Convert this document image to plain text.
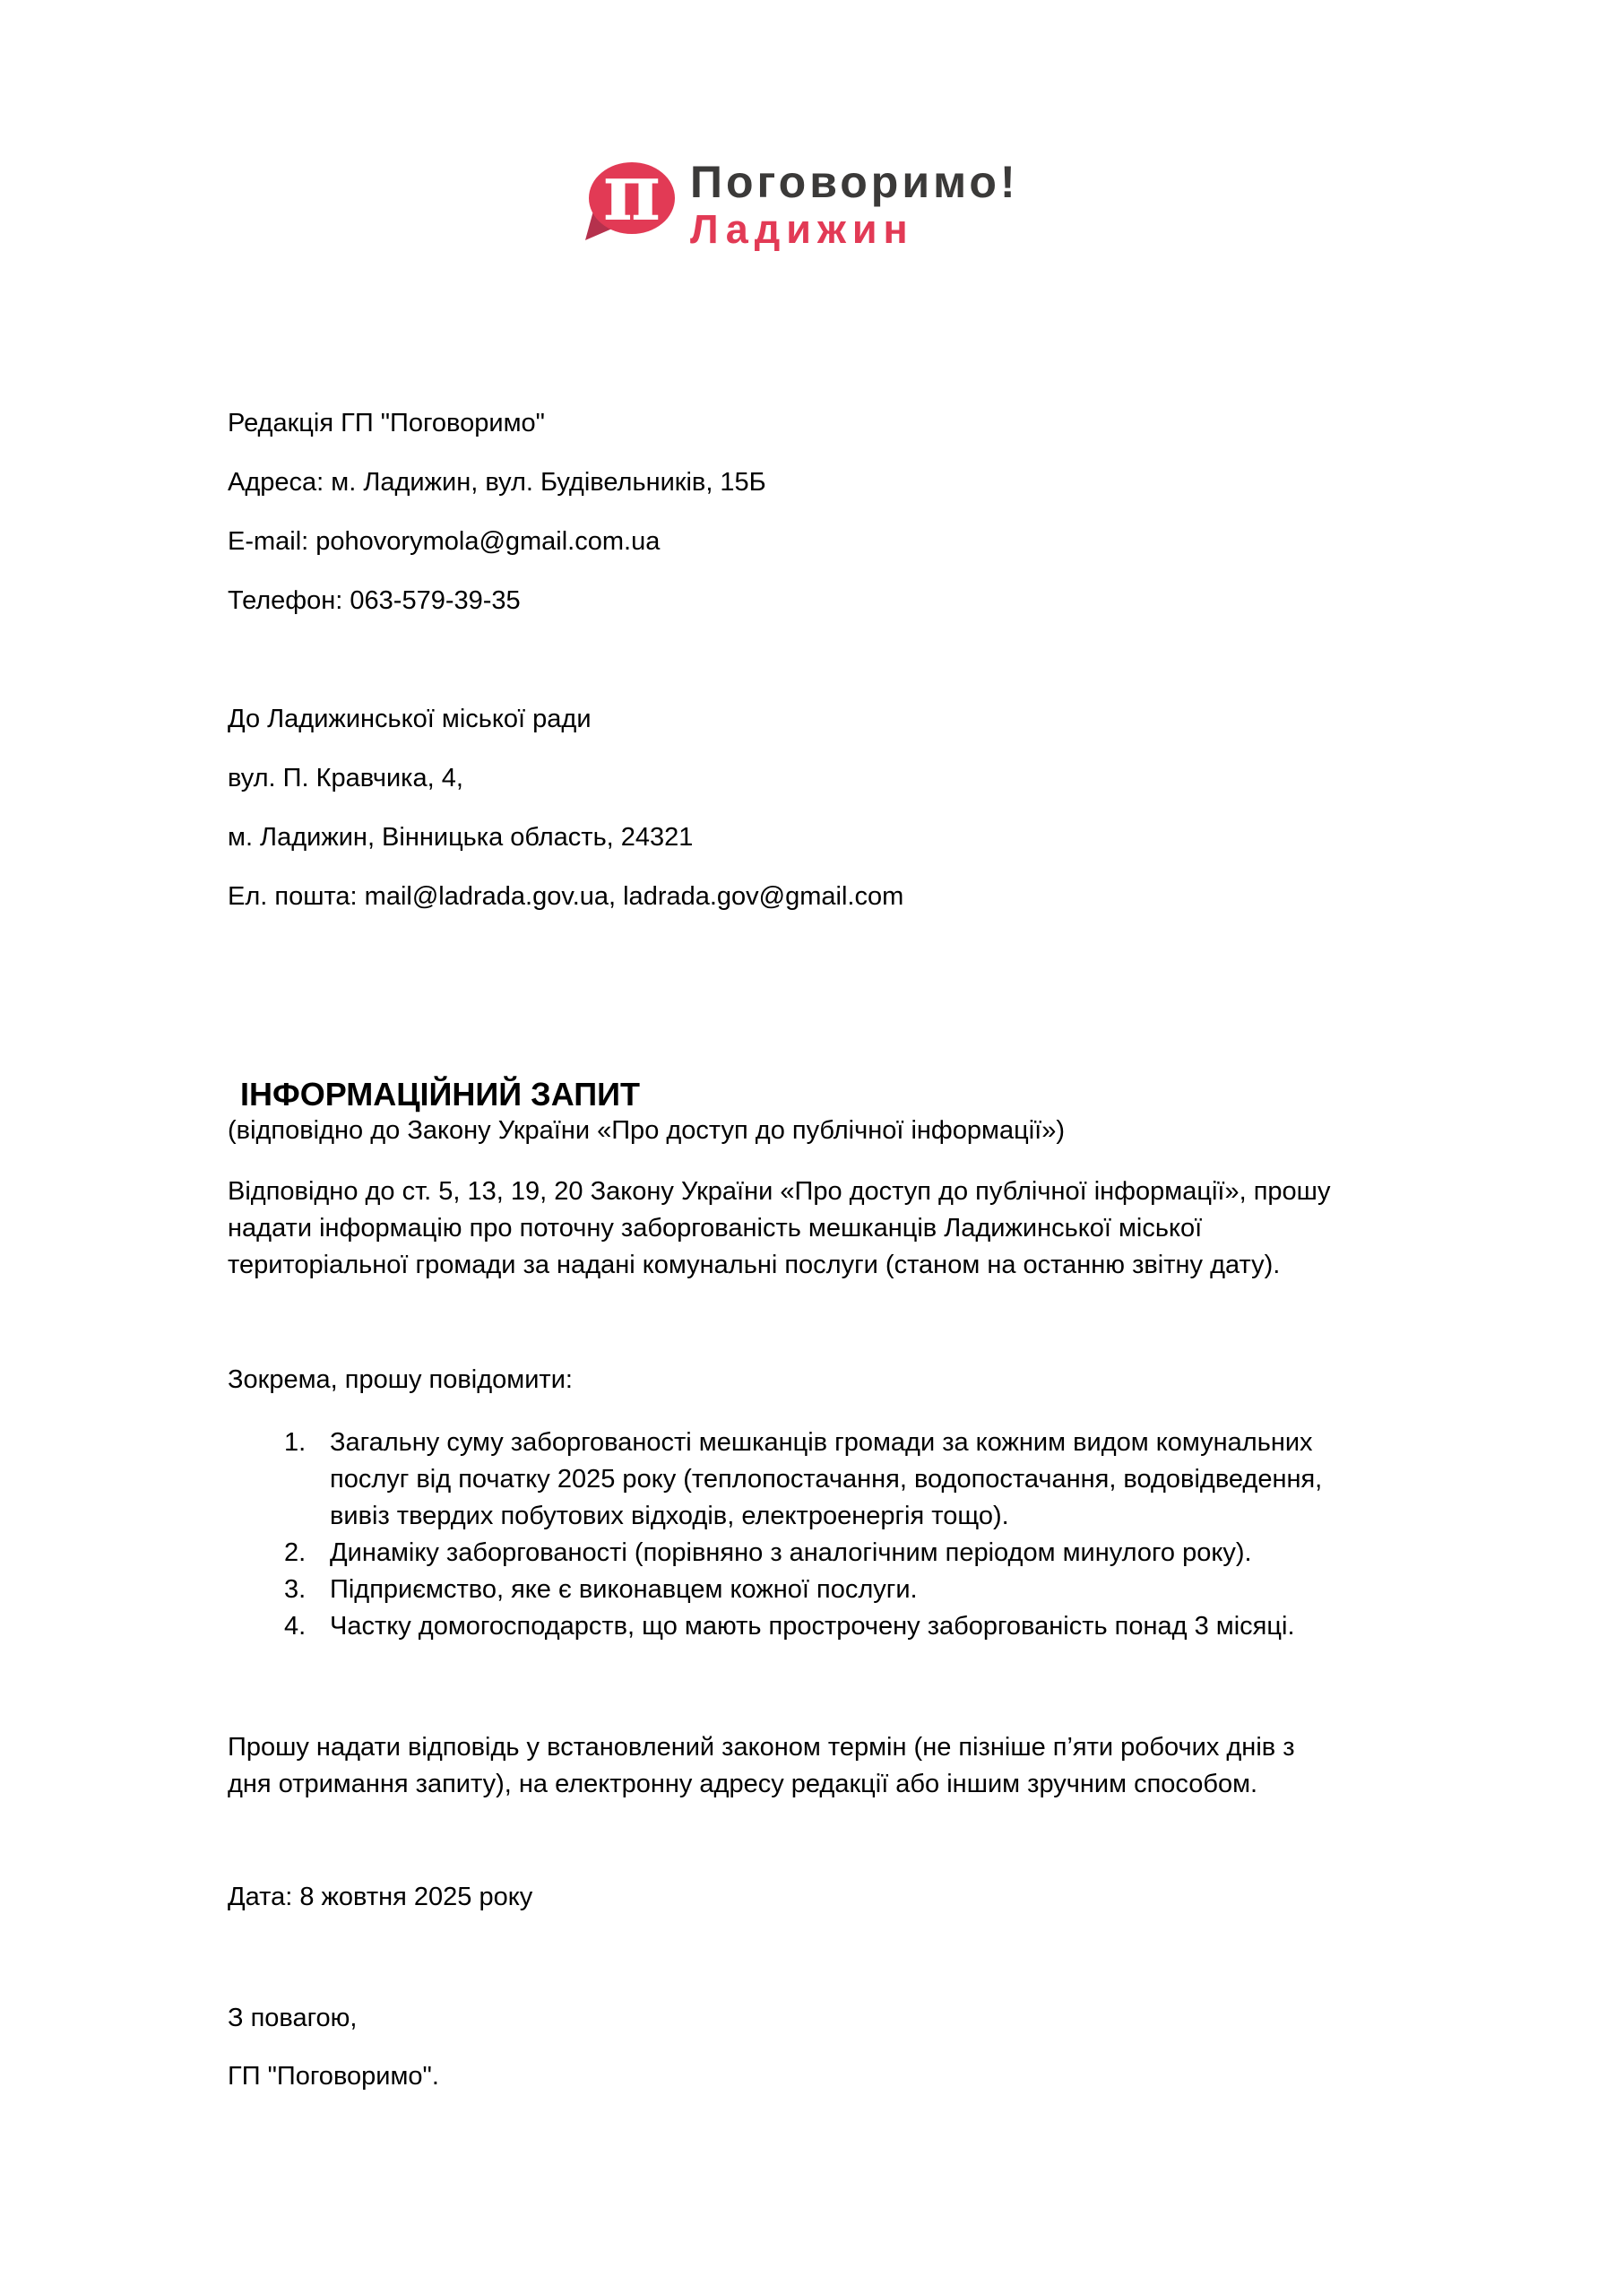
п Поговоримо!
Ладижин
Редакція ГП "Поговоримо"
Адреса: м. Ладижин, вул. Будівельників, 15Б
E-mail: pohovorymola@gmail.com.ua
Телефон: 063-579-39-35
До Ладижинської міської ради
вул. П. Кравчика, 4,
м. Ладижин, Вінницька область, 24321
Ел. пошта: mail@ladrada.gov.ua, ladrada.gov@gmail.com
ІНФОРМАЦІЙНИЙ ЗАПИТ
(відповідно до Закону України «Про доступ до публічної інформації»)
Відповідно до ст. 5, 13, 19, 20 Закону України «Про доступ до публічної інформації», прошу
надати інформацію про поточну заборгованість мешканців Ладижинської міської
територіальної громади за надані комунальні послуги (станом на останню звітну дату).
Зокрема, прошу повідомити:
1. Загальну суму заборгованості мешканців громади за кожним видом комунальних
послуг від початку 2025 року (теплопостачання, водопостачання, водовідведення,
вивіз твердих побутових відходів, електроенергія тощо).
2. Динаміку заборгованості (порівняно з аналогічним періодом минулого року).
3. Підприємство, яке є виконавцем кожної послуги.
4. Частку домогосподарств, що мають прострочену заборгованість понад 3 місяці.
Прошу надати відповідь у встановлений законом термін (не пізніше п’яти робочих днів з
дня отримання запиту), на електронну адресу редакції або іншим зручним способом.
Дата: 8 жовтня 2025 року
З повагою,
ГП "Поговоримо".
